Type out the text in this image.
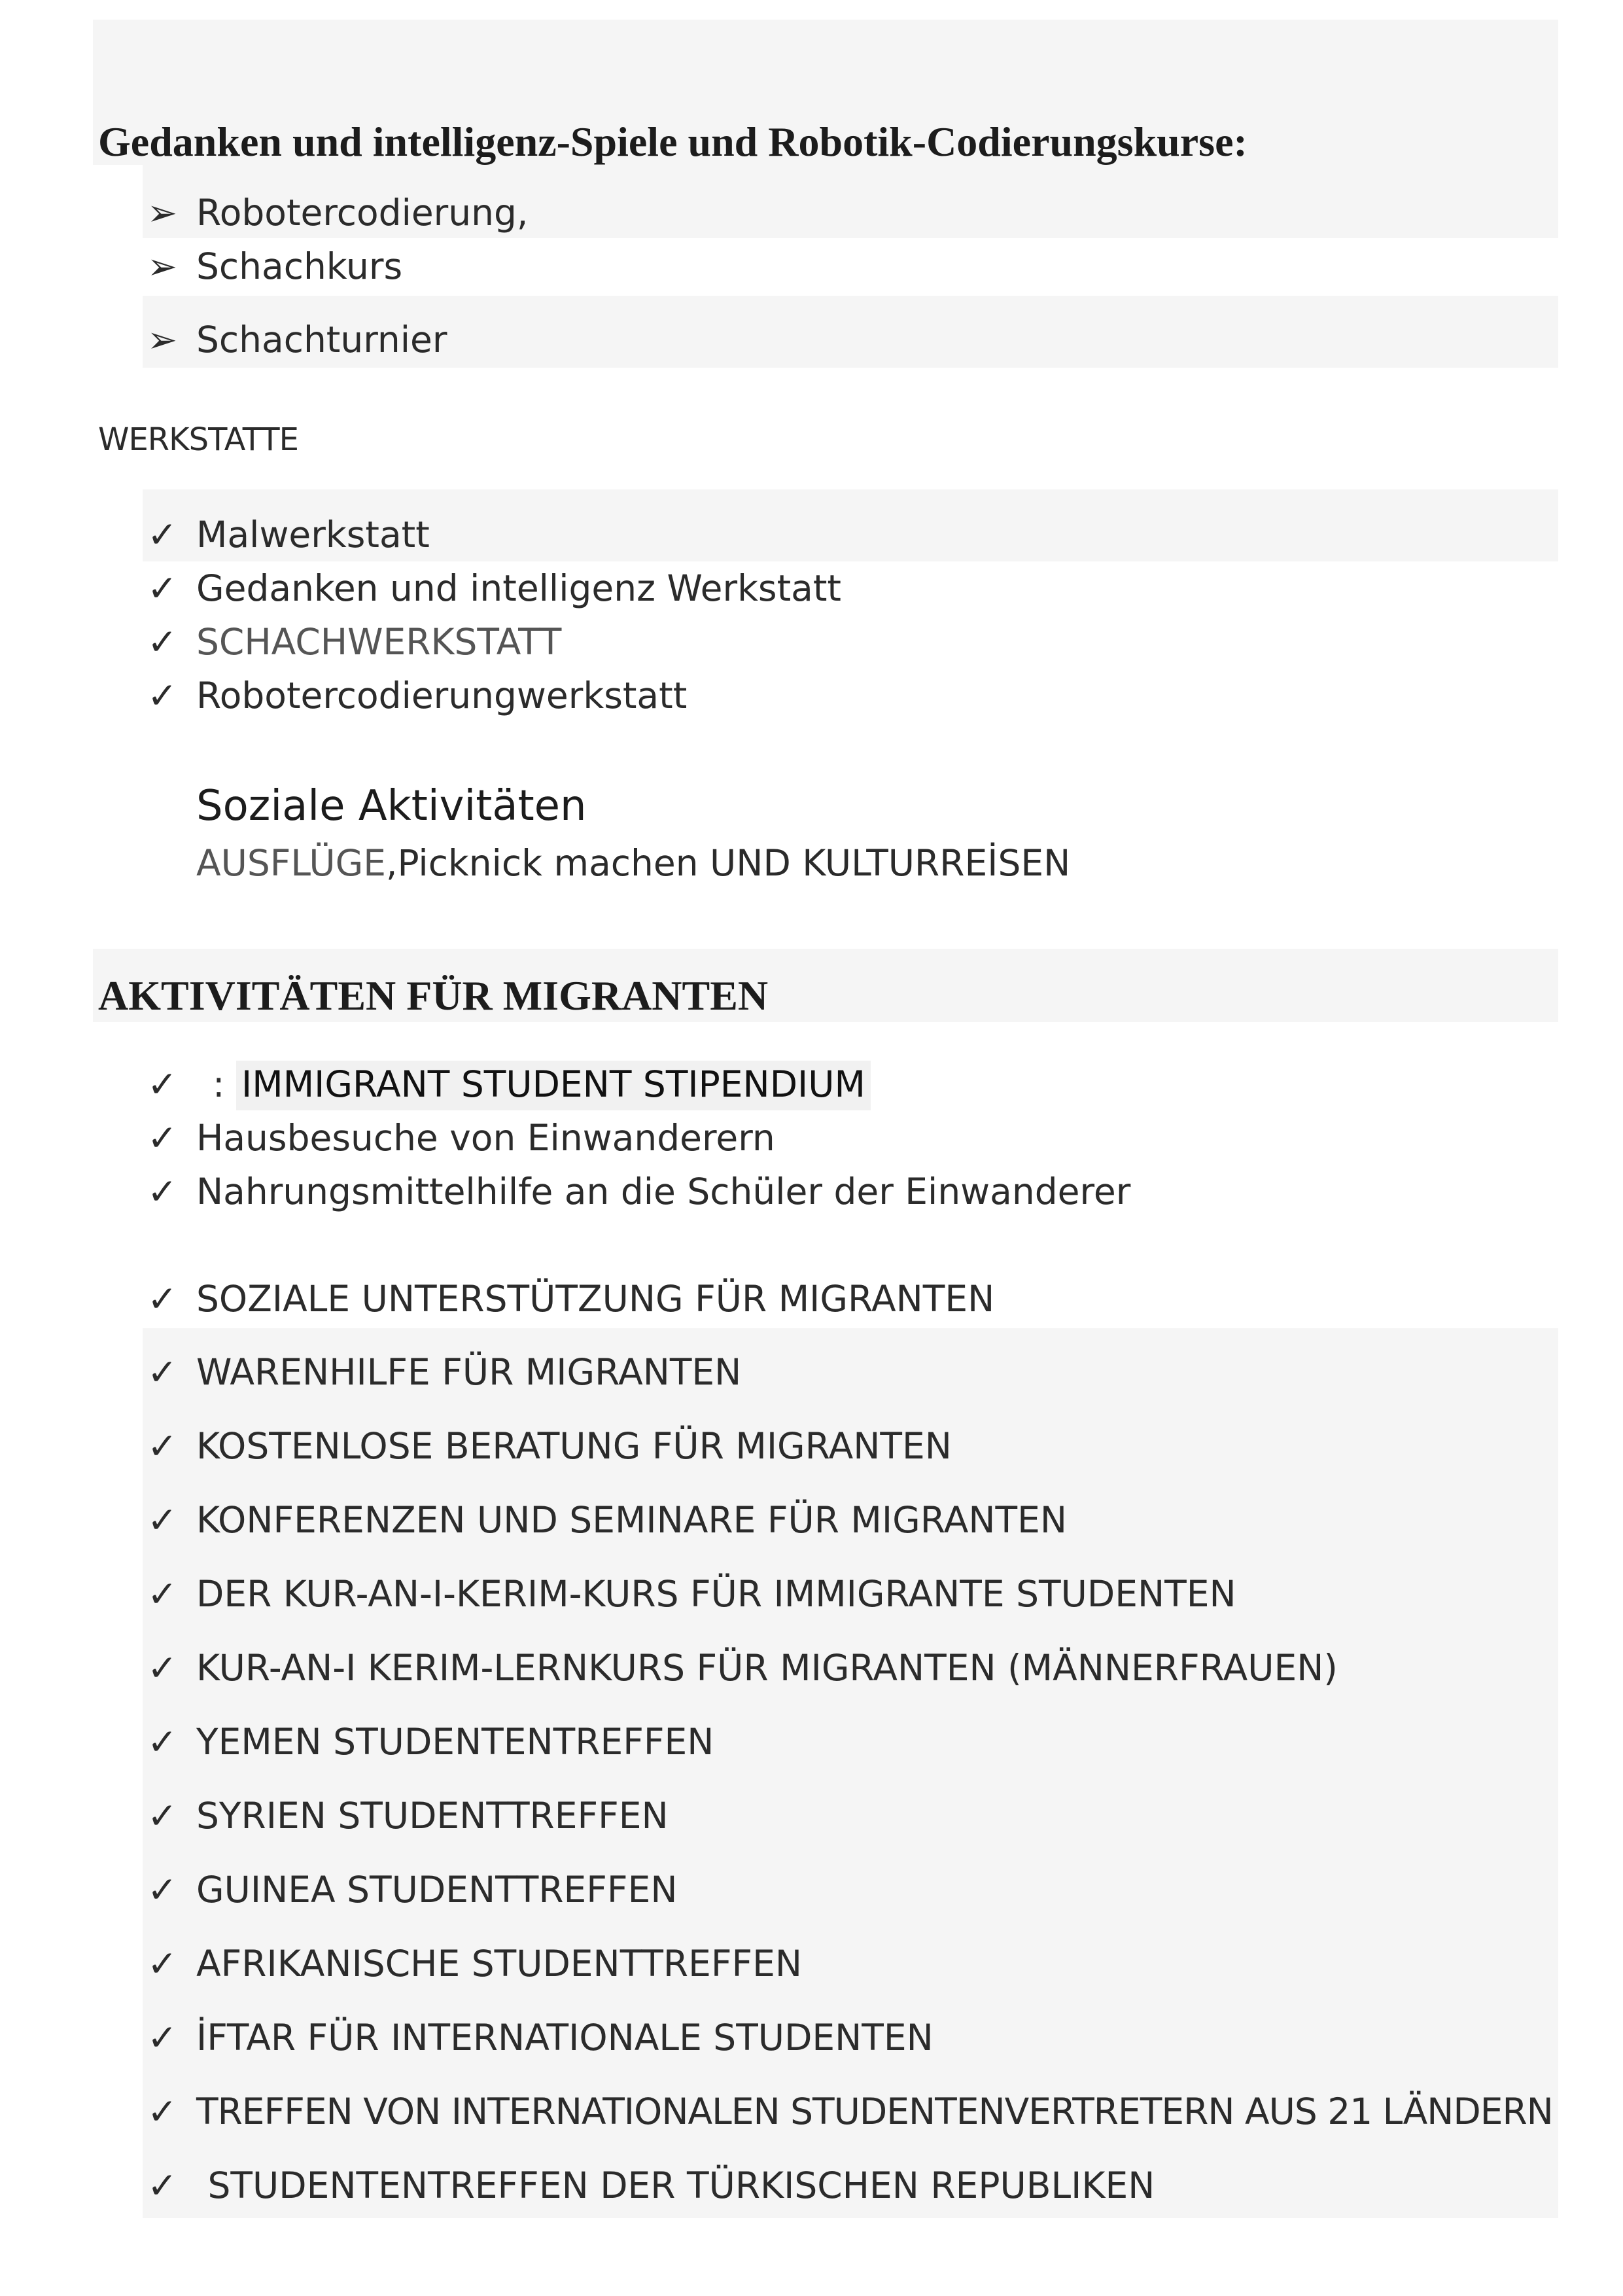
Gedanken und intelligenz-Spiele und Robotik-Codierungskurse:
➢ Robotercodierung,
➢ Schachkurs
➢ Schachturnier
WERKSTATTE
✓ Malwerkstatt
✓ Gedanken und intelligenz Werkstatt
✓ SCHACHWERKSTATT
✓ Robotercodierungwerkstatt
Soziale Aktivitäten
AUSFLÜGE,Picknick machen UND KULTURREİSEN
AKTIVITÄTEN FÜR MIGRANTEN
✓ : IMMIGRANT STUDENT STIPENDIUM
✓ Hausbesuche von Einwanderern
✓ Nahrungsmittelhilfe an die Schüler der Einwanderer
✓ SOZIALE UNTERSTÜTZUNG FÜR MIGRANTEN
✓ WARENHILFE FÜR MIGRANTEN
✓ KOSTENLOSE BERATUNG FÜR MIGRANTEN
✓ KONFERENZEN UND SEMINARE FÜR MIGRANTEN
✓ DER KUR-AN-I-KERIM-KURS FÜR IMMIGRANTE STUDENTEN
✓ KUR-AN-I KERIM-LERNKURS FÜR MIGRANTEN (MÄNNERFRAUEN)
✓ YEMEN STUDENTENTREFFEN
✓ SYRIEN STUDENTTREFFEN
✓ GUINEA STUDENTTREFFEN
✓ AFRIKANISCHE STUDENTTREFFEN
✓ İFTAR FÜR INTERNATIONALE STUDENTEN
✓ TREFFEN VON INTERNATIONALEN STUDENTENVERTRETERN AUS 21 LÄNDERN
✓ STUDENTENTREFFEN DER TÜRKISCHEN REPUBLIKEN
